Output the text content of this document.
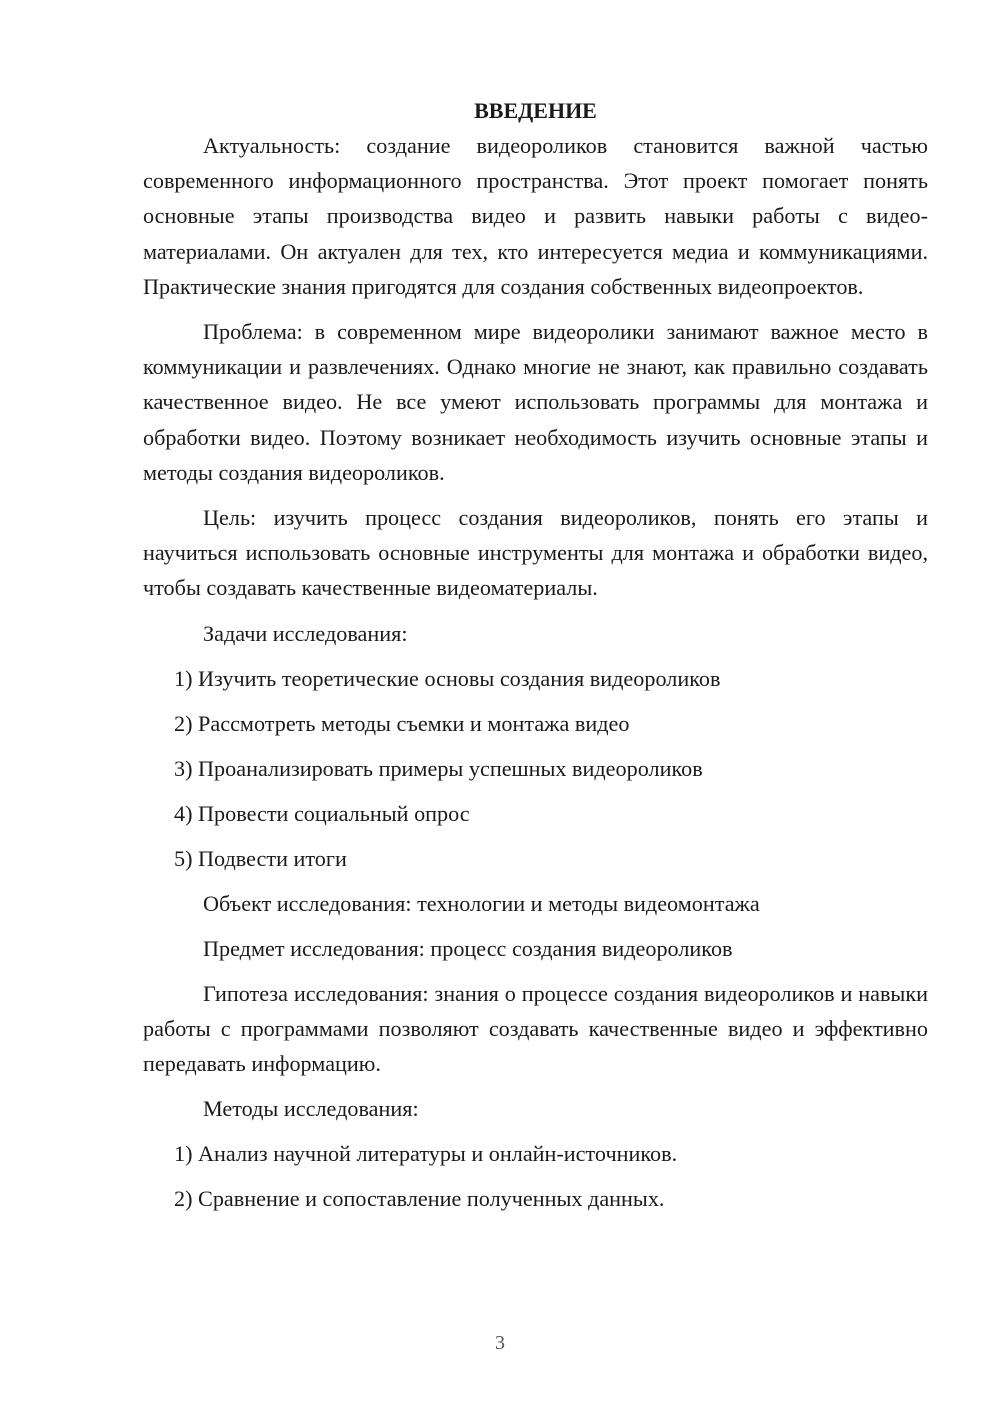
ВВЕДЕНИЕ

Актуальность: создание видеороликов становится важной частью современного информационного пространства. Этот проект помогает понять основные этапы производства видео и развить навыки работы с видео-материалами. Он актуален для тех, кто интересуется медиа и коммуникациями. Практические знания пригодятся для создания собственных видеопроектов.

Проблема: в современном мире видеоролики занимают важное место в коммуникации и развлечениях. Однако многие не знают, как правильно создавать качественное видео. Не все умеют использовать программы для монтажа и обработки видео. Поэтому возникает необходимость изучить основные этапы и методы создания видеороликов.

Цель: изучить процесс создания видеороликов, понять его этапы и научиться использовать основные инструменты для монтажа и обработки видео, чтобы создавать качественные видеоматериалы.

Задачи исследования:

1) Изучить теоретические основы создания видеороликов

2) Рассмотреть методы съемки и монтажа видео

3) Проанализировать примеры успешных видеороликов

4) Провести социальный опрос

5) Подвести итоги

Объект исследования: технологии и методы видеомонтажа

Предмет исследования: процесс создания видеороликов

Гипотеза исследования: знания о процессе создания видеороликов и навыки работы с программами позволяют создавать качественные видео и эффективно передавать информацию.

Методы исследования:

1) Анализ научной литературы и онлайн-источников.

2) Сравнение и сопоставление полученных данных.

3
